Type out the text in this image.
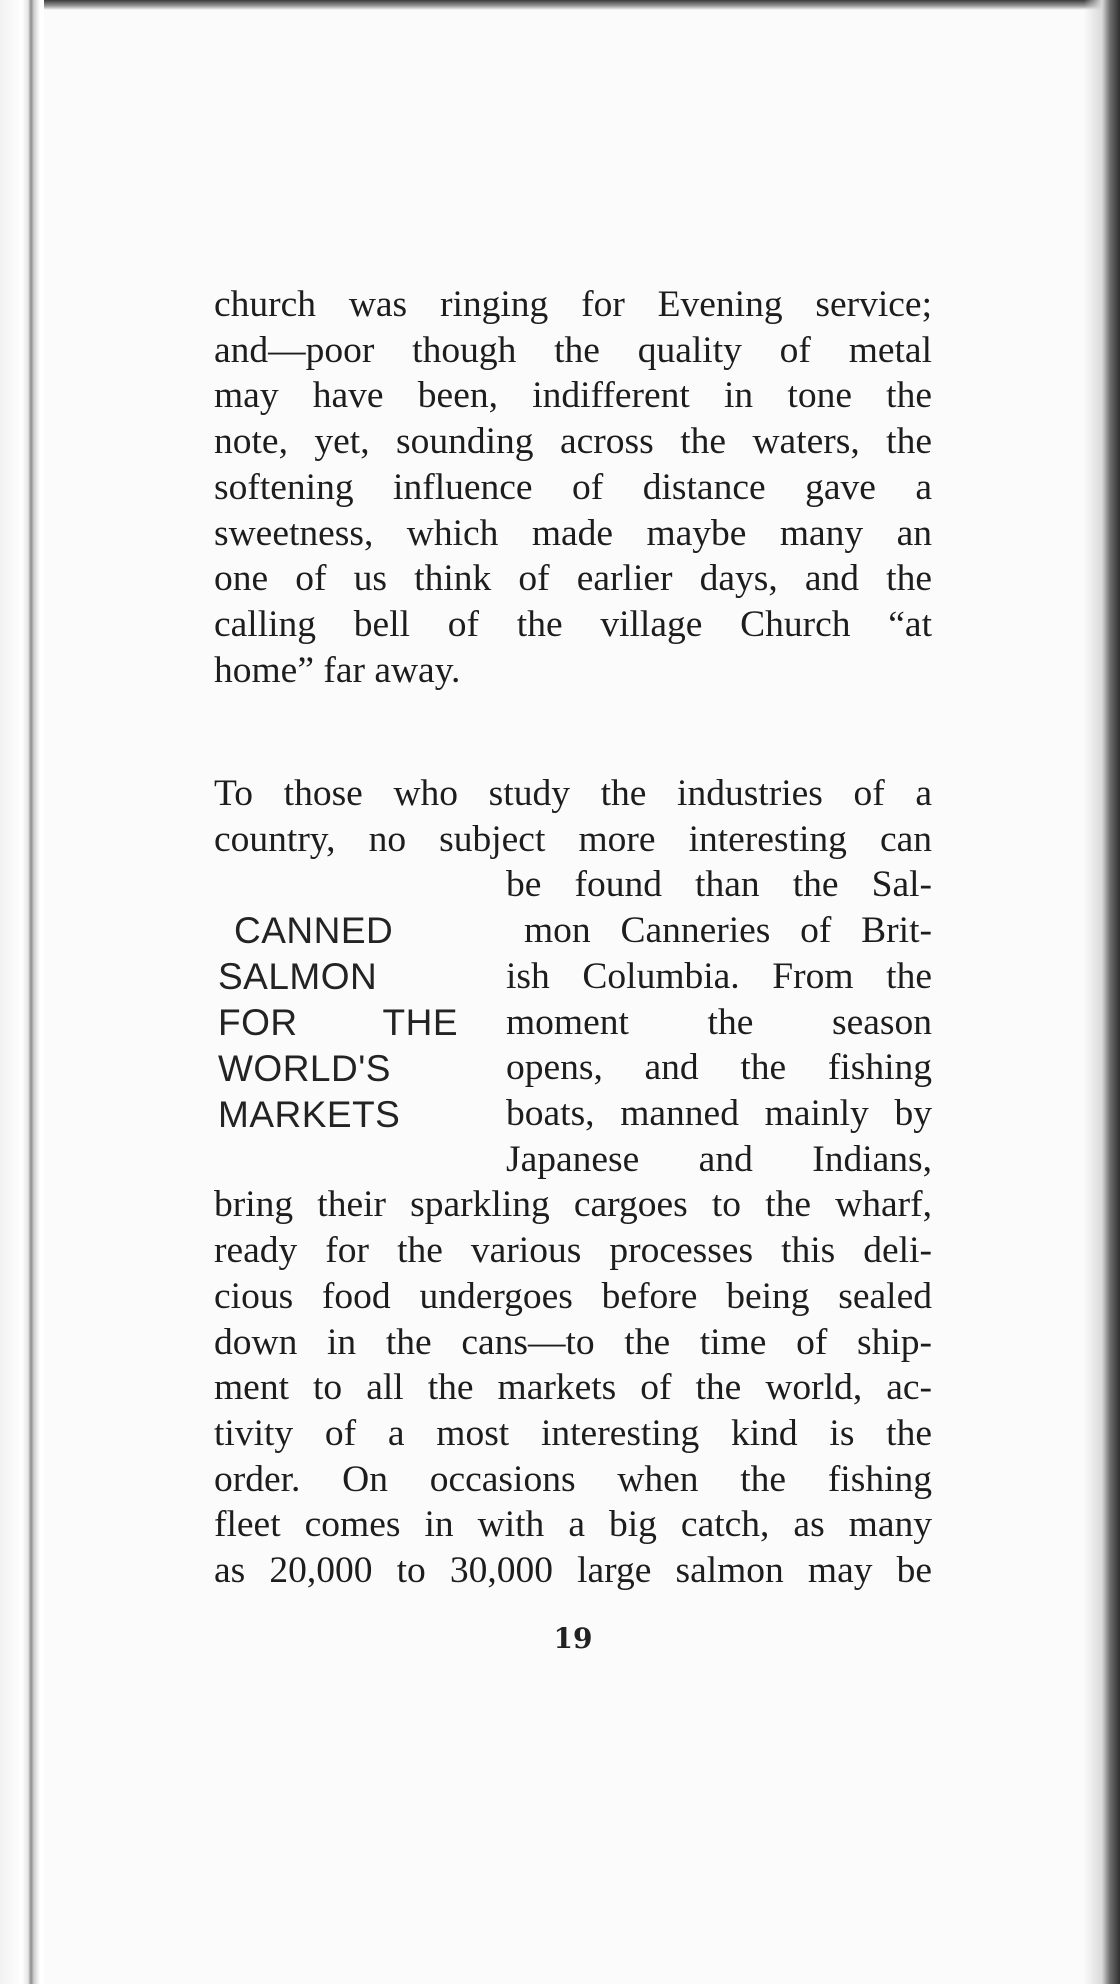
church was ringing for Evening service;
and—poor though the quality of metal
may have been, indifferent in tone the
note, yet, sounding across the waters, the
softening influence of distance gave a
sweetness, which made maybe many an
one of us think of earlier days, and the
calling bell of the village Church “at
home” far away.
To those who study the industries of a
country, no subject more interesting can
CANNED
SALMON
FOR THE
WORLD'S
MARKETS
be found than the Sal-
mon Canneries of Brit-
ish Columbia. From the
moment the season
opens, and the fishing
boats, manned mainly by
Japanese and Indians,
bring their sparkling cargoes to the wharf,
ready for the various processes this deli-
cious food undergoes before being sealed
down in the cans—to the time of ship-
ment to all the markets of the world, ac-
tivity of a most interesting kind is the
order. On occasions when the fishing
fleet comes in with a big catch, as many
as 20,000 to 30,000 large salmon may be
19
